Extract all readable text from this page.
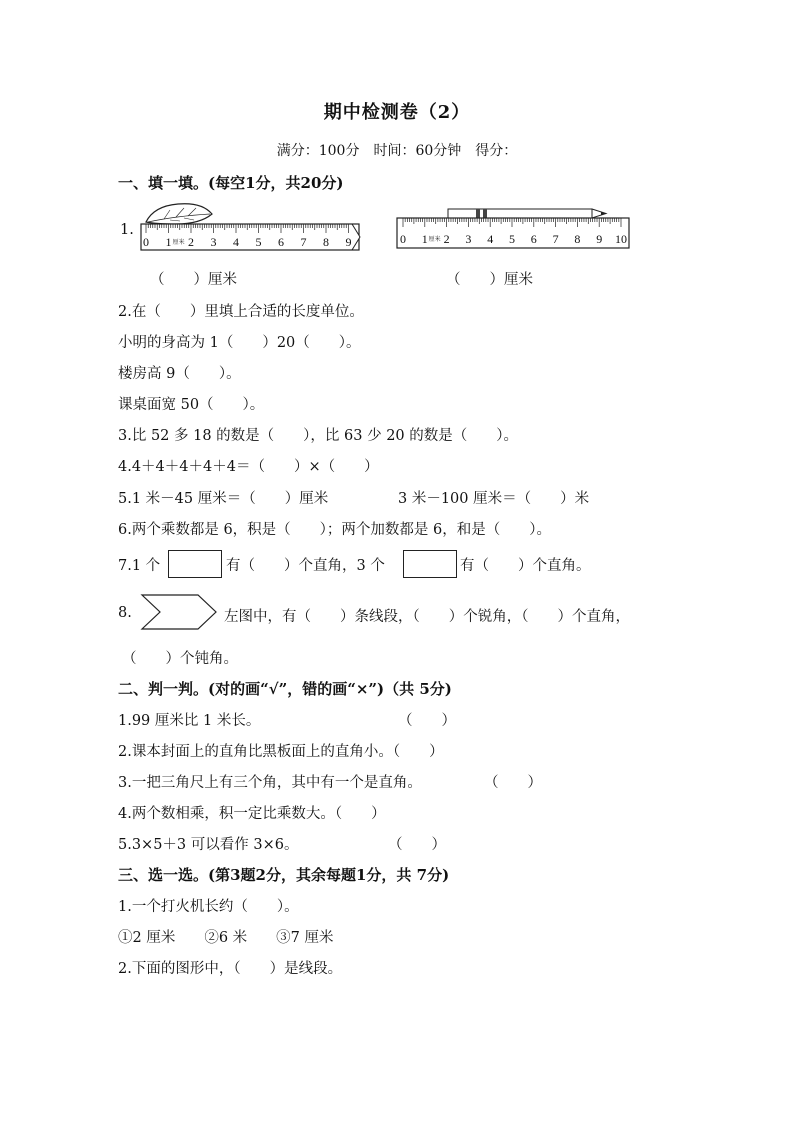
期中检测卷（2）
满分：100分　时间：60分钟　得分：
一、填一填。(每空1分，共20分)
1.
0 1 2 3 4 5 6 7 8 9
厘米	0 1 2 3 4 5 6 7 8 9 10
厘米
（　　）厘米	（　　）厘米
2.在（　　）里填上合适的长度单位。
小明的身高为 1（　　）20（　　）。
楼房高 9（　　）。
课桌面宽 50（　　）。
3.比 52 多 18 的数是（　　），比 63 少 20 的数是（　　）。
4.4＋4＋4＋4＋4＝（　　）×（　　）
5.1 米－45 厘米＝（　　）厘米	3 米－100 厘米＝（　　）米
6.两个乘数都是 6，积是（　　）；两个加数都是 6，和是（　　）。
7.1 个	有（　　）个直角，3 个	有（　　）个直角。
8.	左图中，有（　　）条线段，（　　）个锐角，（　　）个直角，
（　　）个钝角。
二、判一判。(对的画“√”，错的画“×”)（共 5分)
1.99 厘米比 1 米长。	（　　）
2.课本封面上的直角比黑板面上的直角小。（　　）
3.一把三角尺上有三个角，其中有一个是直角。	（　　）
4.两个数相乘，积一定比乘数大。（　　）
5.3×5＋3 可以看作 3×6。	（　　）
三、选一选。(第3题2分，其余每题1分，共 7分)
1.一个打火机长约（　　）。
①2 厘米　　②6 米　　③7 厘米
2.下面的图形中，（　　）是线段。
